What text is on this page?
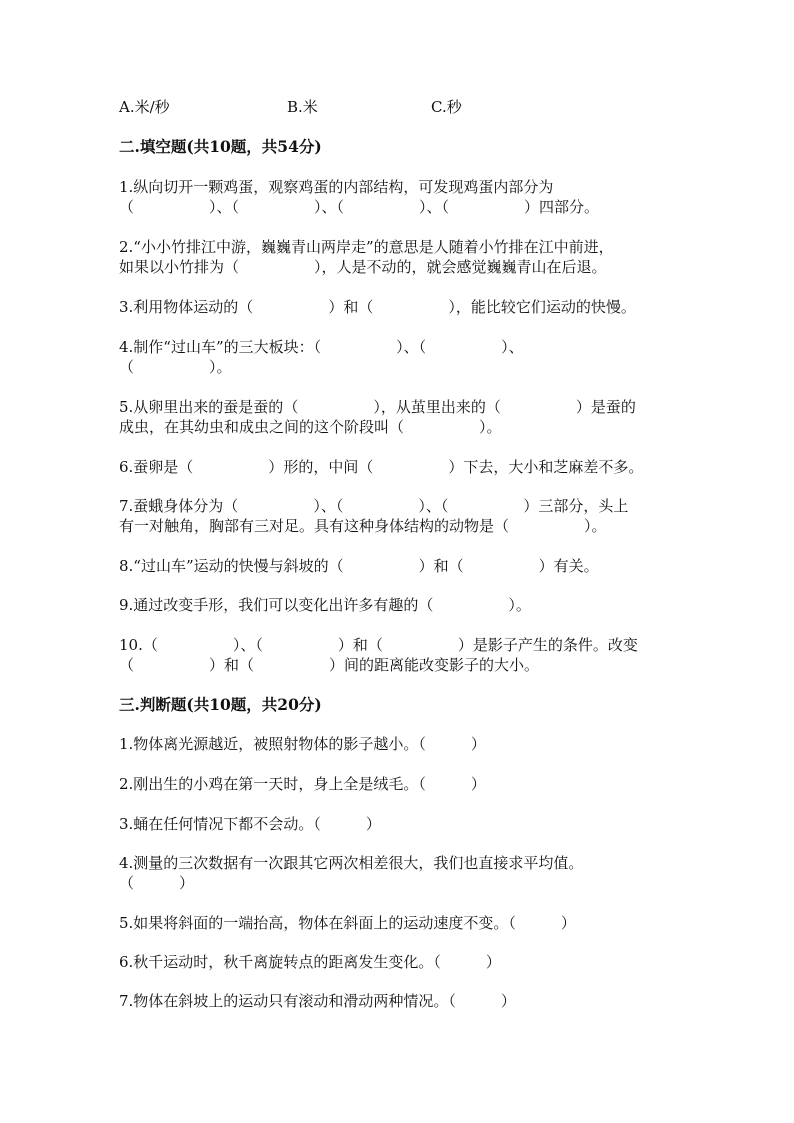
A.米/秒	B.米	C.秒
二.填空题(共10题，共54分)
1.纵向切开一颗鸡蛋，观察鸡蛋的内部结构，可发现鸡蛋内部分为
（　　　　　）、（　　　　　）、（　　　　　）、（　　　　　）四部分。
2.“小小竹排江中游，巍巍青山两岸走”的意思是人随着小竹排在江中前进，
如果以小竹排为（　　　　　），人是不动的，就会感觉巍巍青山在后退。
3.利用物体运动的（　　　　　）和（　　　　　），能比较它们运动的快慢。
4.制作“过山车”的三大板块：（　　　　　）、（　　　　　）、
（　　　　　）。
5.从卵里出来的蚕是蚕的（　　　　　），从茧里出来的（　　　　　）是蚕的
成虫，在其幼虫和成虫之间的这个阶段叫（　　　　　）。
6.蚕卵是（　　　　　）形的，中间（　　　　　）下去，大小和芝麻差不多。
7.蚕蛾身体分为（　　　　　）、（　　　　　）、（　　　　　）三部分，头上
有一对触角，胸部有三对足。具有这种身体结构的动物是（　　　　　）。
8.“过山车”运动的快慢与斜坡的（　　　　　）和（　　　　　）有关。
9.通过改变手形，我们可以变化出许多有趣的（　　　　　）。
10.（　　　　　）、（　　　　　）和（　　　　　）是影子产生的条件。改变
（　　　　　）和（　　　　　）间的距离能改变影子的大小。
三.判断题(共10题，共20分)
1.物体离光源越近，被照射物体的影子越小。（　　　）
2.刚出生的小鸡在第一天时，身上全是绒毛。（　　　）
3.蛹在任何情况下都不会动。（　　　）
4.测量的三次数据有一次跟其它两次相差很大，我们也直接求平均值。
（　　　）
5.如果将斜面的一端抬高，物体在斜面上的运动速度不变。（　　　）
6.秋千运动时，秋千离旋转点的距离发生变化。（　　　）
7.物体在斜坡上的运动只有滚动和滑动两种情况。（　　　）
